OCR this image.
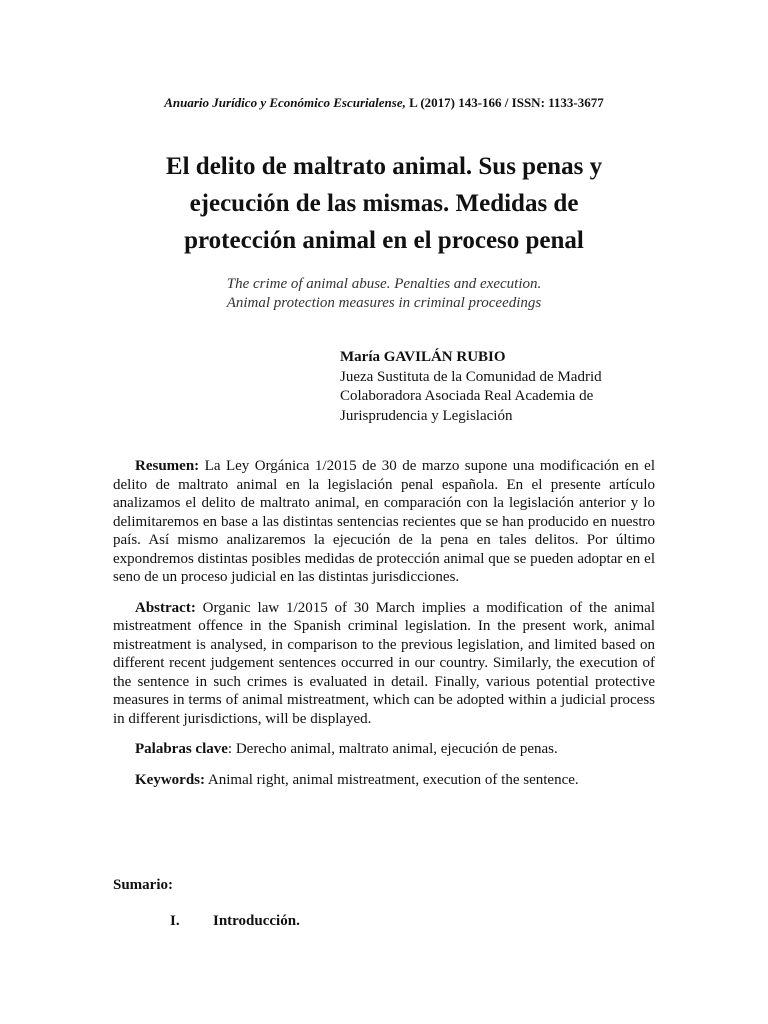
Anuario Jurídico y Económico Escurialense, L (2017) 143-166 / ISSN: 1133-3677
El delito de maltrato animal. Sus penas y
ejecución de las mismas. Medidas de
protección animal en el proceso penal
The crime of animal abuse. Penalties and execution.
Animal protection measures in criminal proceedings
María GAVILÁN RUBIO
Jueza Sustituta de la Comunidad de Madrid
Colaboradora Asociada Real Academia de
Jurisprudencia y Legislación

Resumen: La Ley Orgánica 1/2015 de 30 de marzo supone una modificación en el delito de maltrato animal en la legislación penal española. En el presente artículo analizamos el delito de maltrato animal, en comparación con la legislación anterior y lo delimitaremos en base a las distintas sentencias recientes que se han producido en nuestro país. Así mismo analizaremos la ejecución de la pena en tales delitos. Por último expondremos distintas posibles medidas de protección animal que se pueden adoptar en el seno de un proceso judicial en las distintas jurisdicciones.

Abstract: Organic law 1/2015 of 30 March implies a modification of the animal mistreatment offence in the Spanish criminal legislation. In the present work, animal mistreatment is analysed, in comparison to the previous legislation, and limited based on different recent judgement sentences occurred in our country. Similarly, the execution of the sentence in such crimes is evaluated in detail. Finally, various potential protective measures in terms of animal mistreatment, which can be adopted within a judicial process in different jurisdictions, will be displayed.

Palabras clave: Derecho animal, maltrato animal, ejecución de penas.

Keywords: Animal right, animal mistreatment, execution of the sentence.

Sumario:
I. Introducción.
